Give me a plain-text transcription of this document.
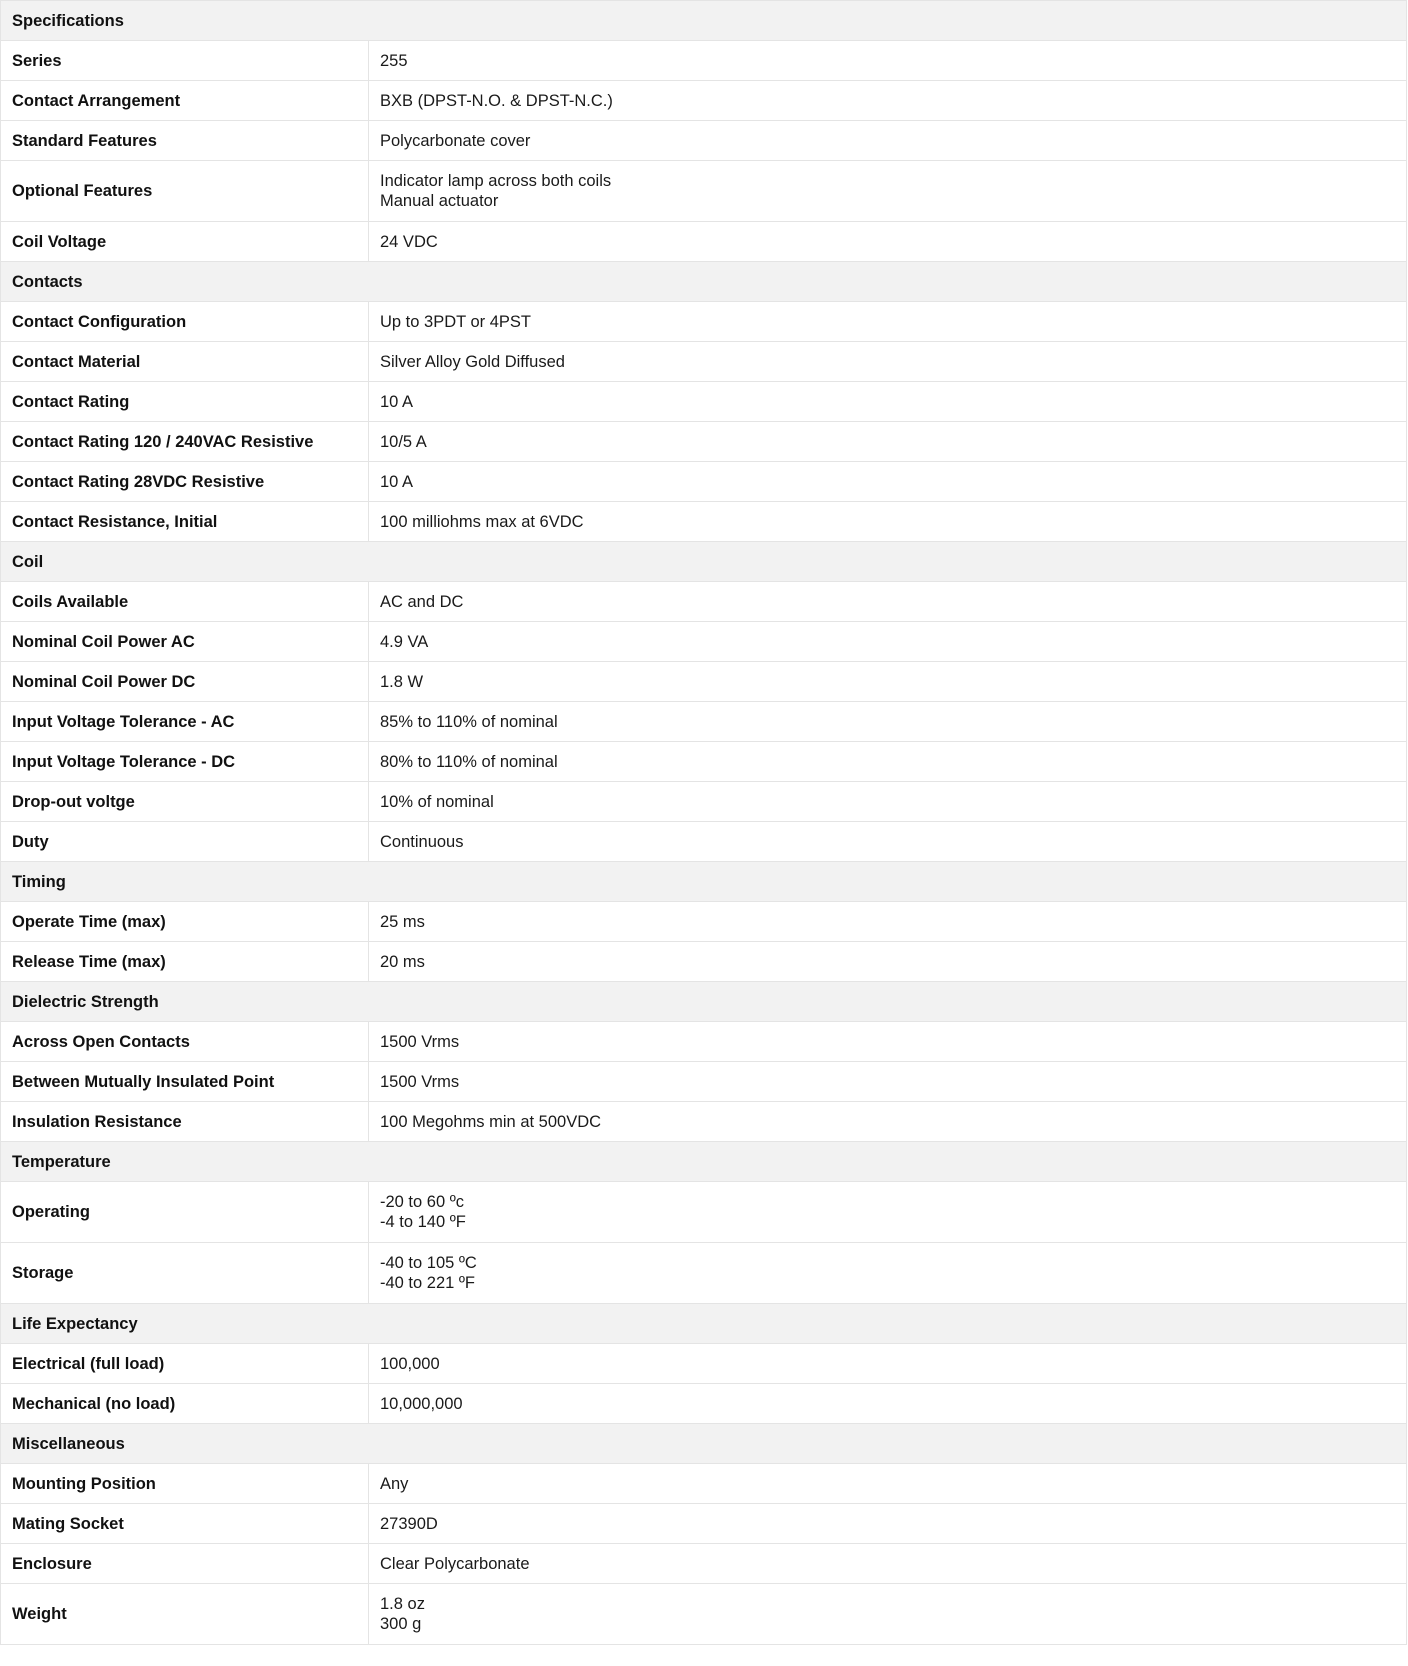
Specifications	
Series	255

Contact Arrangement	BXB (DPST-N.O. & DPST-N.C.)

Standard Features	Polycarbonate cover

Optional Features	Indicator lamp across both coils
Manual actuator

Coil Voltage	24 VDC

Contacts	
Contact Configuration	Up to 3PDT or 4PST

Contact Material	Silver Alloy Gold Diffused

Contact Rating	10 A

Contact Rating 120 / 240VAC Resistive	10/5 A

Contact Rating 28VDC Resistive	10 A

Contact Resistance, Initial	100 milliohms max at 6VDC

Coil	
Coils Available	AC and DC

Nominal Coil Power AC	4.9 VA

Nominal Coil Power DC	1.8 W

Input Voltage Tolerance - AC	85% to 110% of nominal

Input Voltage Tolerance - DC	80% to 110% of nominal

Drop-out voltge	10% of nominal

Duty	Continuous

Timing	
Operate Time (max)	25 ms

Release Time (max)	20 ms

Dielectric Strength	
Across Open Contacts	1500 Vrms

Between Mutually Insulated Point	1500 Vrms

Insulation Resistance	100 Megohms min at 500VDC

Temperature	
Operating	-20 to 60 ºc
-4 to 140 ºF

Storage	-40 to 105 ºC
-40 to 221 ºF

Life Expectancy	
Electrical (full load)	100,000

Mechanical (no load)	10,000,000

Miscellaneous	
Mounting Position	Any

Mating Socket	27390D

Enclosure	Clear Polycarbonate

Weight	1.8 oz
300 g
